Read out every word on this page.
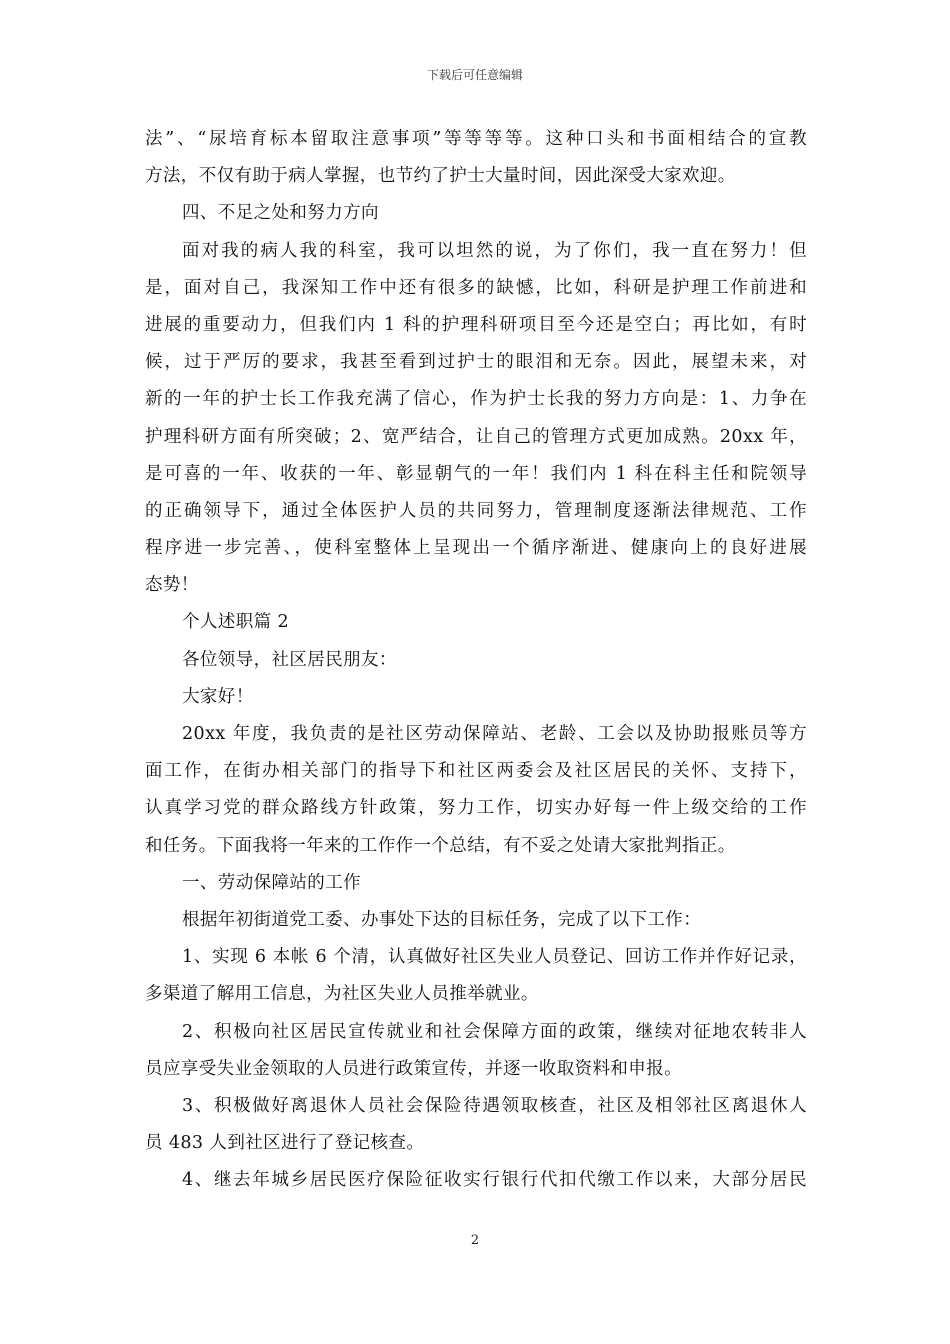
下载后可任意编辑
法”、“尿培育标本留取注意事项”等等等等。这种口头和书面相结合的宣教
方法，不仅有助于病人掌握，也节约了护士大量时间，因此深受大家欢迎。
四、不足之处和努力方向
面对我的病人我的科室，我可以坦然的说，为了你们，我一直在努力！但
是，面对自己，我深知工作中还有很多的缺憾，比如，科研是护理工作前进和
进展的重要动力，但我们内 1 科的护理科研项目至今还是空白；再比如，有时
候，过于严厉的要求，我甚至看到过护士的眼泪和无奈。因此，展望未来，对
新的一年的护士长工作我充满了信心，作为护士长我的努力方向是：1、力争在
护理科研方面有所突破；2、宽严结合，让自己的管理方式更加成熟。20xx 年，
是可喜的一年、收获的一年、彰显朝气的一年！我们内 1 科在科主任和院领导
的正确领导下，通过全体医护人员的共同努力，管理制度逐渐法律规范、工作
程序进一步完善、，使科室整体上呈现出一个循序渐进、健康向上的良好进展
态势！
个人述职篇 2
各位领导，社区居民朋友：
大家好！
20xx 年度，我负责的是社区劳动保障站、老龄、工会以及协助报账员等方
面工作，在街办相关部门的指导下和社区两委会及社区居民的关怀、支持下，
认真学习党的群众路线方针政策，努力工作，切实办好每一件上级交给的工作
和任务。下面我将一年来的工作作一个总结，有不妥之处请大家批判指正。
一、劳动保障站的工作
根据年初街道党工委、办事处下达的目标任务，完成了以下工作：
1、实现 6 本帐 6 个清，认真做好社区失业人员登记、回访工作并作好记录，
多渠道了解用工信息，为社区失业人员推举就业。
2、积极向社区居民宣传就业和社会保障方面的政策，继续对征地农转非人
员应享受失业金领取的人员进行政策宣传，并逐一收取资料和申报。
3、积极做好离退休人员社会保险待遇领取核查，社区及相邻社区离退休人
员 483 人到社区进行了登记核查。
4、继去年城乡居民医疗保险征收实行银行代扣代缴工作以来，大部分居民
2
